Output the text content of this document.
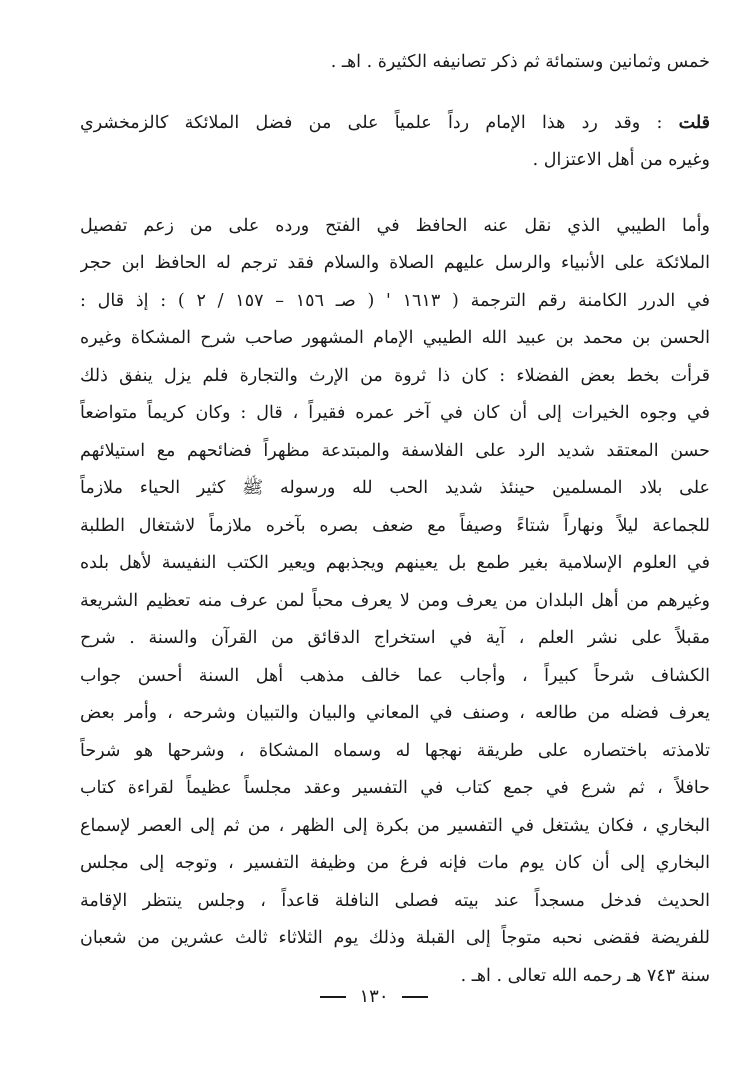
خمس وثمانين وستمائة ثم ذكر تصانيفه الكثيرة . اهـ .

قلت : وقد رد هذا الإمام رداً علمياً على من فضل الملائكة كالزمخشري
وغيره من أهل الاعتزال .

وأما الطيبي الذي نقل عنه الحافظ في الفتح ورده على من زعم تفصيل
الملائكة على الأنبياء والرسل عليهم الصلاة والسلام فقد ترجم له الحافظ ابن حجر
في الدرر الكامنة رقم الترجمة ( ١٦١٣ ' ( صـ ١٥٦ – ١٥٧ / ٢ ) : إذ قال :
الحسن بن محمد بن عبيد الله الطيبي الإمام المشهور صاحب شرح المشكاة وغيره
قرأت بخط بعض الفضلاء : كان ذا ثروة من الإرث والتجارة فلم يزل ينفق ذلك
في وجوه الخيرات إلى أن كان في آخر عمره فقيراً ، قال : وكان كريماً متواضعاً
حسن المعتقد شديد الرد على الفلاسفة والمبتدعة مظهراً فضائحهم مع استيلائهم
على بلاد المسلمين حينئذ شديد الحب لله ورسوله ﷺ كثير الحياء ملازماً
للجماعة ليلاً ونهاراً شتاءً وصيفاً مع ضعف بصره بآخره ملازماً لاشتغال الطلبة
في العلوم الإسلامية بغير طمع بل يعينهم ويجذبهم ويعير الكتب النفيسة لأهل بلده
وغيرهم من أهل البلدان من يعرف ومن لا يعرف محباً لمن عرف منه تعظيم الشريعة
مقبلاً على نشر العلم ، آية في استخراج الدقائق من القرآن والسنة . شرح
الكشاف شرحاً كبيراً ، وأجاب عما خالف مذهب أهل السنة أحسن جواب
يعرف فضله من طالعه ، وصنف في المعاني والبيان والتبيان وشرحه ، وأمر بعض
تلامذته باختصاره على طريقة نهجها له وسماه المشكاة ، وشرحها هو شرحاً
حافلاً ، ثم شرع في جمع كتاب في التفسير وعقد مجلساً عظيماً لقراءة كتاب
البخاري ، فكان يشتغل في التفسير من بكرة إلى الظهر ، من ثم إلى العصر لإسماع
البخاري إلى أن كان يوم مات فإنه فرغ من وظيفة التفسير ، وتوجه إلى مجلس
الحديث فدخل مسجداً عند بيته فصلى النافلة قاعداً ، وجلس ينتظر الإقامة
للفريضة فقضى نحبه متوجاً إلى القبلة وذلك يوم الثلاثاء ثالث عشرين من شعبان
سنة ٧٤٣ هـ رحمه الله تعالى . اهـ .

١٣٠
